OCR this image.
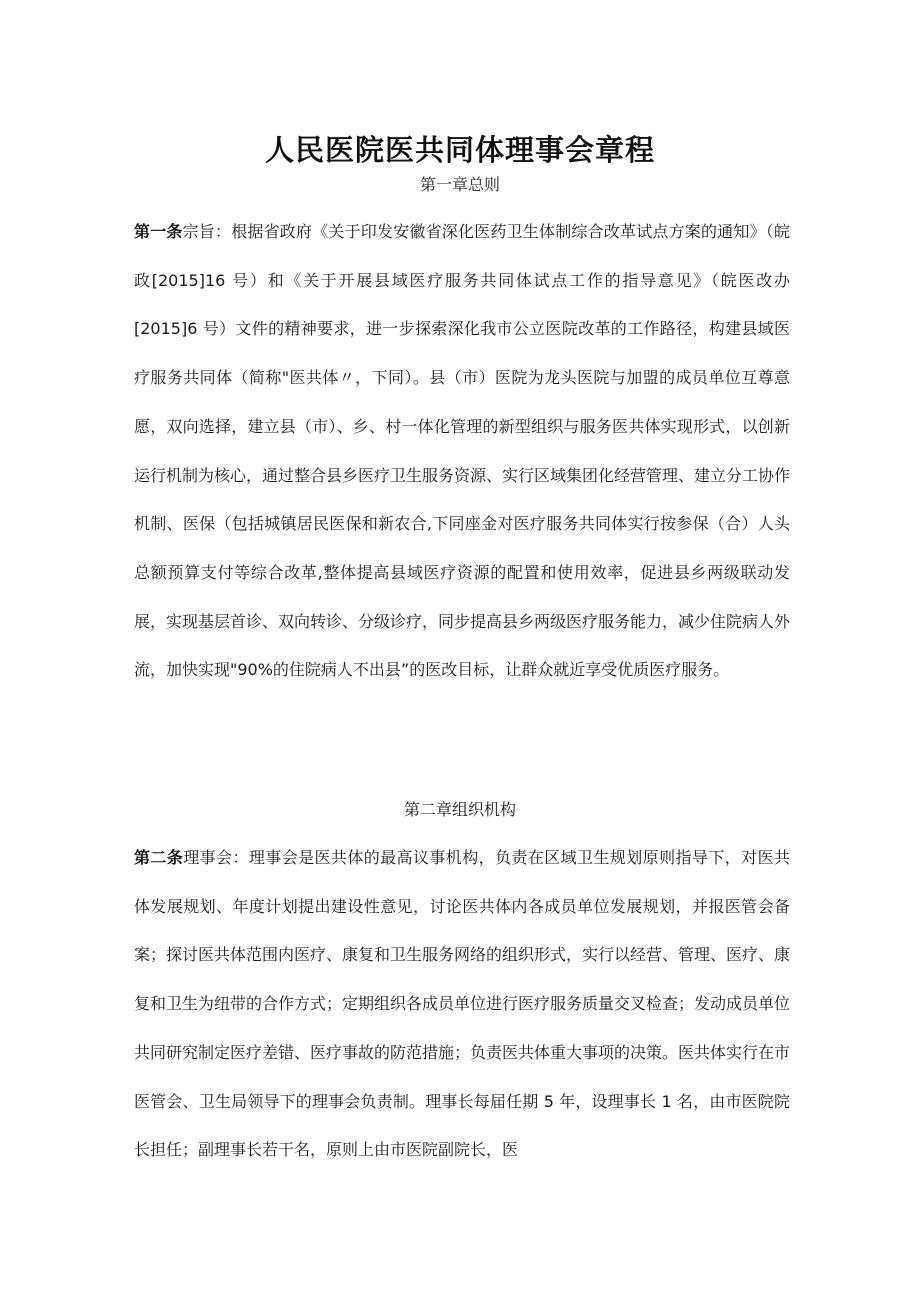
人民医院医共同体理事会章程
第一章总则

第一条宗旨：根据省政府《关于印发安徽省深化医药卫生体制综合改革试点方案的通知》（皖政[2015]16 号）和《关于开展县域医疗服务共同体试点工作的指导意见》（皖医改办[2015]6 号）文件的精神要求，进一步探索深化我市公立医院改革的工作路径，构建县域医疗服务共同体（简称"医共体〃，下同）。县（市）医院为龙头医院与加盟的成员单位互尊意愿，双向选择，建立县（市）、乡、村一体化管理的新型组织与服务医共体实现形式，以创新运行机制为核心，通过整合县乡医疗卫生服务资源、实行区域集团化经营管理、建立分工协作机制、医保（包括城镇居民医保和新农合,下同座金对医疗服务共同体实行按参保（合）人头总额预算支付等综合改革,整体提高县域医疗资源的配置和使用效率，促进县乡两级联动发展，实现基层首诊、双向转诊、分级诊疗，同步提高县乡两级医疗服务能力，减少住院病人外流，加快实现"90%的住院病人不出县”的医改目标，让群众就近享受优质医疗服务。

第二章组织机构

第二条理事会：理事会是医共体的最高议事机构，负责在区域卫生规划原则指导下，对医共体发展规划、年度计划提出建设性意见，讨论医共体内各成员单位发展规划，并报医管会备案；探讨医共体范围内医疗、康复和卫生服务网络的组织形式，实行以经营、管理、医疗、康复和卫生为纽带的合作方式；定期组织各成员单位进行医疗服务质量交叉检查；发动成员单位共同研究制定医疗差错、医疗事故的防范措施；负责医共体重大事项的决策。医共体实行在市医管会、卫生局领导下的理事会负责制。理事长每届任期 5 年，设理事长 1 名，由市医院院长担任；副理事长若干名，原则上由市医院副院长，医
